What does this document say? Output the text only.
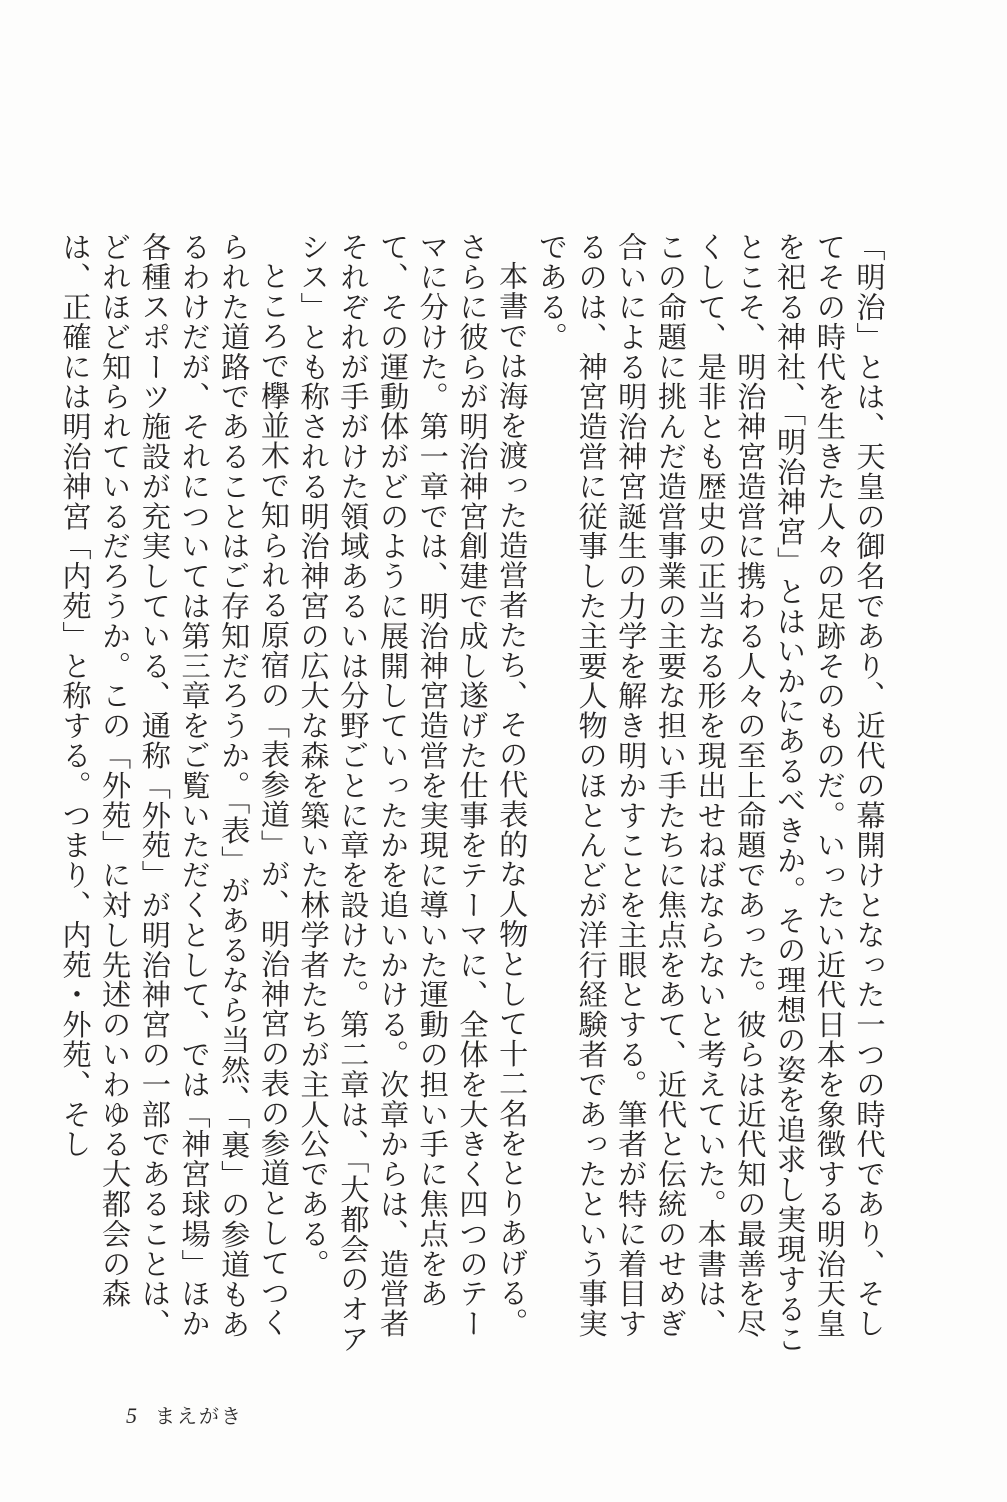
「明治」とは、天皇の御名であり、近代の幕開けとなった一つの時代であり、そしてその時代を生きた人々の足跡そのものだ。いったい近代日本を象徴する明治天皇を祀る神社、「明治神宮」とはいかにあるべきか。その理想の姿を追求し実現することこそ、明治神宮造営に携わる人々の至上命題であった。彼らは近代知の最善を尽くして、是非とも歴史の正当なる形を現出せねばならないと考えていた。本書は、この命題に挑んだ造営事業の主要な担い手たちに焦点をあて、近代と伝統のせめぎ合いによる明治神宮誕生の力学を解き明かすことを主眼とする。筆者が特に着目するのは、神宮造営に従事した主要人物のほとんどが洋行経験者であったという事実である。

本書では海を渡った造営者たち、その代表的な人物として十二名をとりあげる。さらに彼らが明治神宮創建で成し遂げた仕事をテーマに、全体を大きく四つのテーマに分けた。第一章では、明治神宮造営を実現に導いた運動の担い手に焦点をあて、その運動体がどのように展開していったかを追いかける。次章からは、造営者それぞれが手がけた領域あるいは分野ごとに章を設けた。第二章は、「大都会のオアシス」とも称される明治神宮の広大な森を築いた林学者たちが主人公である。

ところで欅並木で知られる原宿の「表参道」が、明治神宮の表の参道としてつくられた道路であることはご存知だろうか。「表」があるなら当然、「裏」の参道もあるわけだが、それについては第三章をご覧いただくとして、では「神宮球場」ほか各種スポーツ施設が充実している、通称「外苑」が明治神宮の一部であることは、どれほど知られているだろうか。この「外苑」に対し先述のいわゆる大都会の森は、正確には明治神宮「内苑」と称する。つまり、内苑・外苑、そし

5 まえがき
